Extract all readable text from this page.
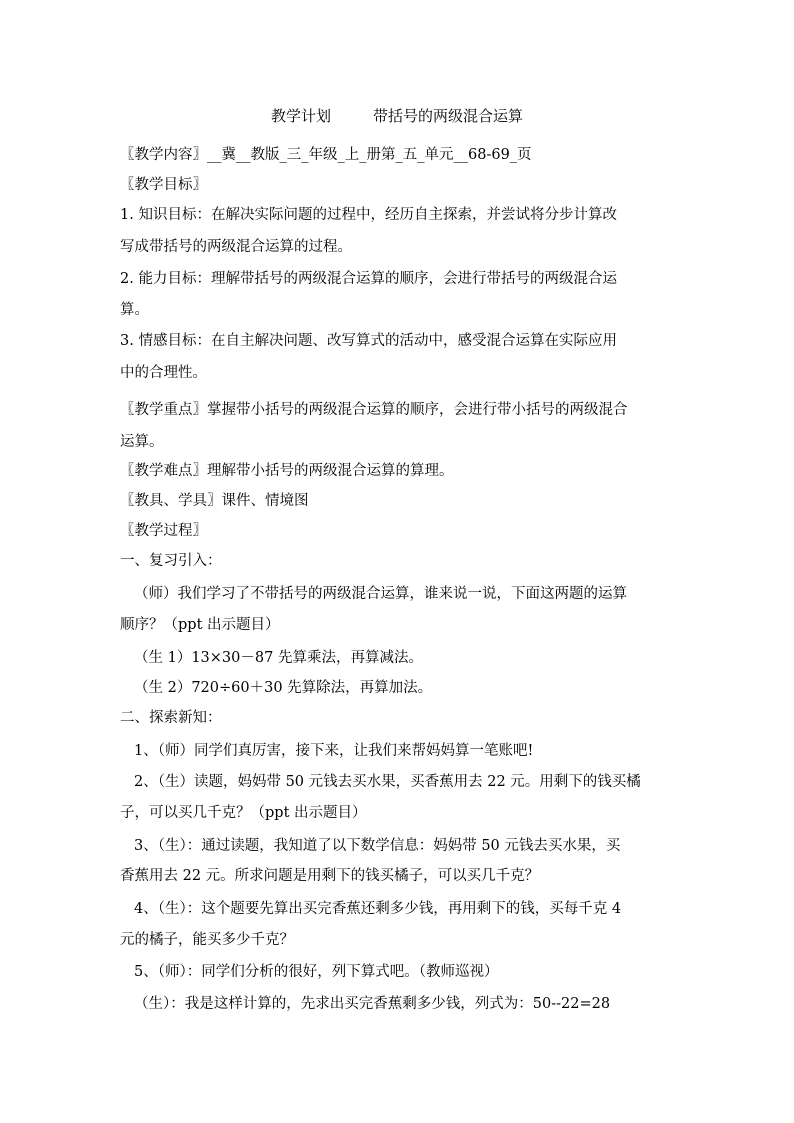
教学计划	带括号的两级混合运算
〖教学内容〗__冀__教版_三_年级_上_册第_五_单元__68-69_页
〖教学目标〗
1. 知识目标：在解决实际问题的过程中，经历自主探索，并尝试将分步计算改
写成带括号的两级混合运算的过程。
2. 能力目标：理解带括号的两级混合运算的顺序，会进行带括号的两级混合运
算。
3. 情感目标：在自主解决问题、改写算式的活动中，感受混合运算在实际应用
中的合理性。
〖教学重点〗掌握带小括号的两级混合运算的顺序，会进行带小括号的两级混合
运算。
〖教学难点〗理解带小括号的两级混合运算的算理。
〖教具、学具〗课件、情境图
〖教学过程〗
一、复习引入：
（师）我们学习了不带括号的两级混合运算，谁来说一说，下面这两题的运算
顺序？（ppt 出示题目）
（生 1）13×30－87 先算乘法，再算减法。
（生 2）720÷60＋30 先算除法，再算加法。
二、探索新知：
1、（师）同学们真厉害，接下来，让我们来帮妈妈算一笔账吧!
2、（生）读题，妈妈带 50 元钱去买水果，买香蕉用去 22 元。用剩下的钱买橘
子，可以买几千克？（ppt 出示题目）
3、（生）：通过读题，我知道了以下数学信息：妈妈带 50 元钱去买水果，买
香蕉用去 22 元。所求问题是用剩下的钱买橘子，可以买几千克？
4、（生）：这个题要先算出买完香蕉还剩多少钱，再用剩下的钱，买每千克 4
元的橘子，能买多少千克？
5、（师）：同学们分析的很好，列下算式吧。（教师巡视）
（生）：我是这样计算的，先求出买完香蕉剩多少钱，列式为：50--22=28
